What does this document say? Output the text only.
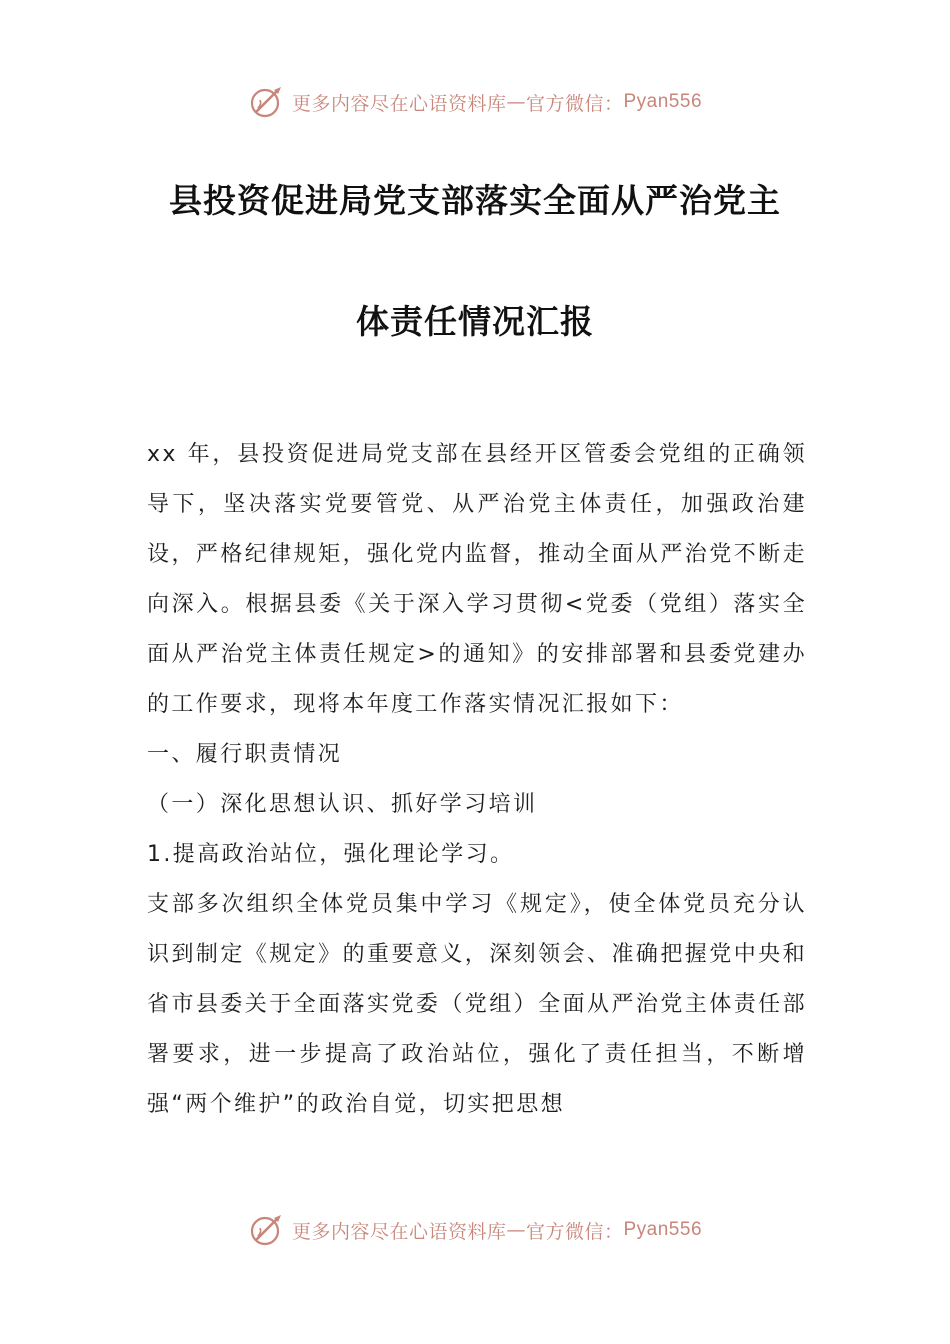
更多内容尽在心语资料库 — 官方微信： Pyan556
县投资促进局党支部落实全面从严治党主
体责任情况汇报

xx 年，县投资促进局党支部在县经开区管委会党组的正确领导下，坚决落实党要管党、从严治党主体责任，加强政治建设，严格纪律规矩，强化党内监督，推动全面从严治党不断走向深入。根据县委《关于深入学习贯彻<党委（党组）落实全面从严治党主体责任规定>的通知》的安排部署和县委党建办的工作要求，现将本年度工作落实情况汇报如下：

一、履行职责情况

（一）深化思想认识、抓好学习培训

1.提高政治站位，强化理论学习。

支部多次组织全体党员集中学习《规定》，使全体党员充分认识到制定《规定》的重要意义，深刻领会、准确把握党中央和省市县委关于全面落实党委（党组）全面从严治党主体责任部署要求，进一步提高了政治站位，强化了责任担当，不断增强“两个维护”的政治自觉，切实把思想

更多内容尽在心语资料库 — 官方微信： Pyan556
